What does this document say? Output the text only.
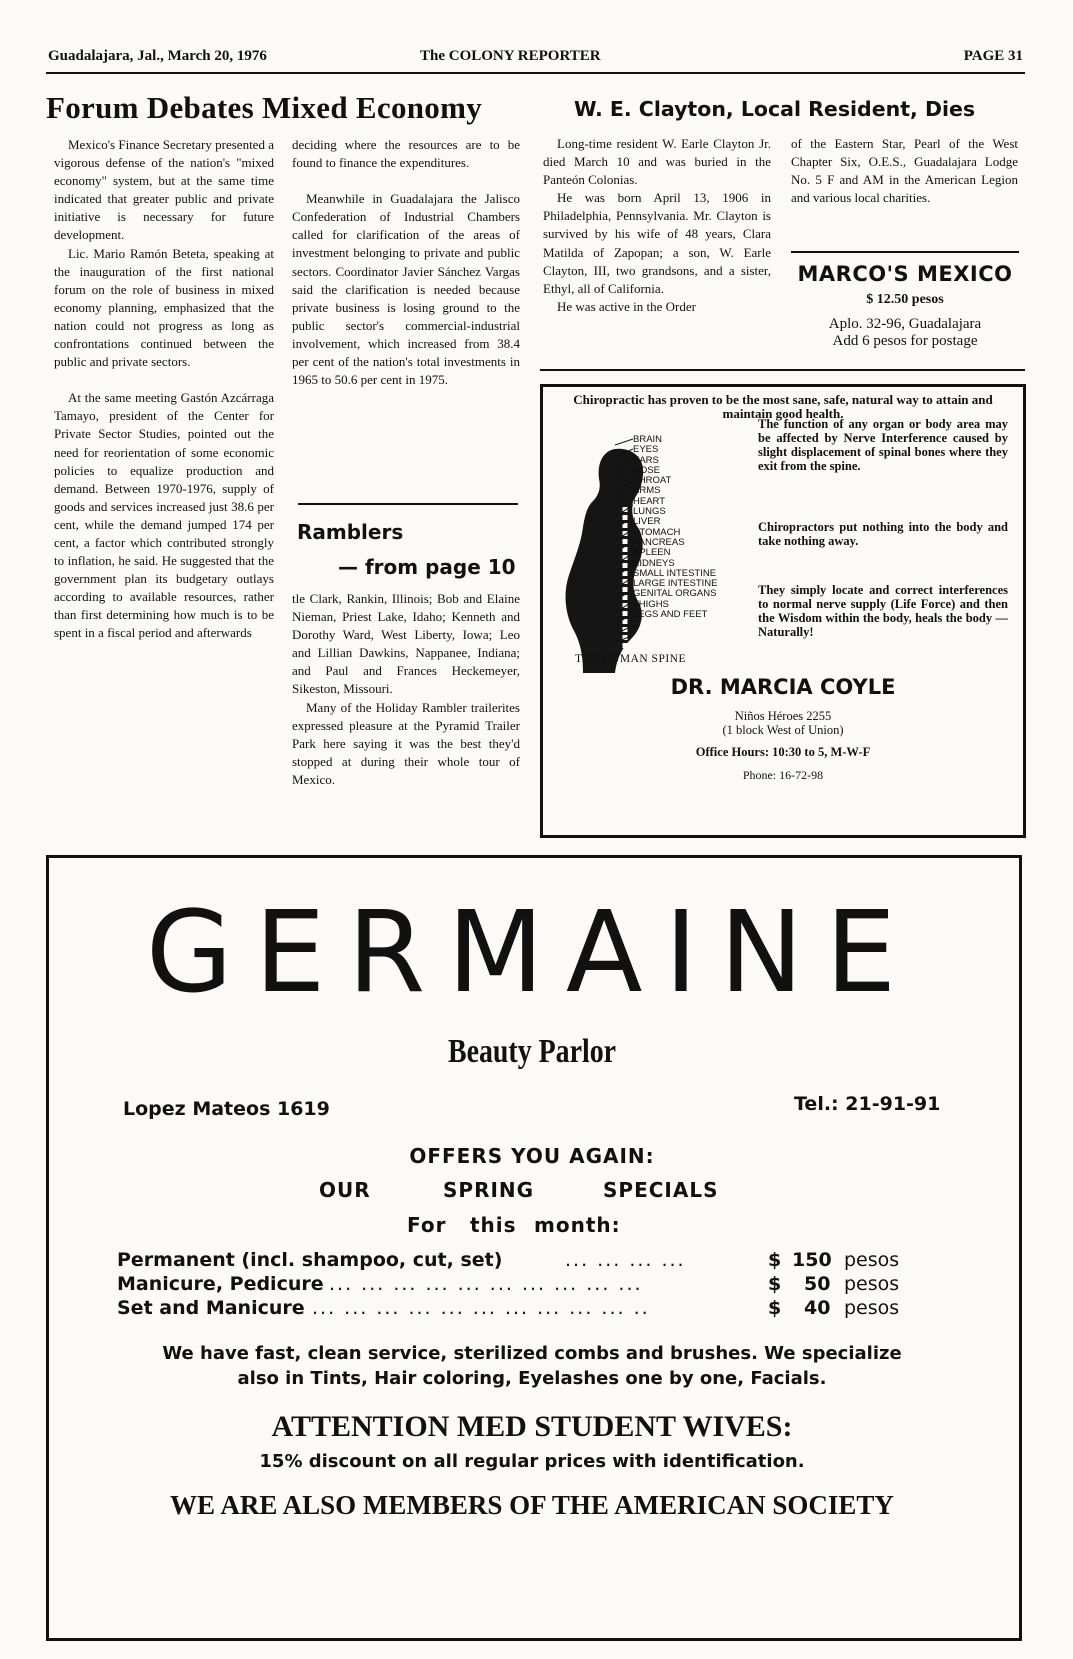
Guadalajara, Jal., March 20, 1976	The COLONY REPORTER	PAGE 31
Forum Debates Mixed Economy

Mexico's Finance Secretary presented a vigorous defense of the nation's "mixed economy" system, but at the same time indicated that greater public and private initiative is necessary for future development.

Lic. Mario Ramón Beteta, speaking at the inauguration of the first national forum on the role of business in mixed economy planning, emphasized that the nation could not progress as long as confrontations continued between the public and private sectors.

At the same meeting Gastón Azcárraga Tamayo, president of the Center for Private Sector Studies, pointed out the need for reorientation of some economic policies to equalize production and demand. Between 1970-1976, supply of goods and services increased just 38.6 per cent, while the demand jumped 174 per cent, a factor which contributed strongly to inflation, he said. He suggested that the government plan its budgetary outlays according to available resources, rather than first determining how much is to be spent in a fiscal period and afterwards

deciding where the resources are to be found to finance the expenditures.

Meanwhile in Guadalajara the Jalisco Confederation of Industrial Chambers called for clarification of the areas of investment belonging to private and public sectors. Coordinator Javier Sánchez Vargas said the clarification is needed because private business is losing ground to the public sector's commercial-industrial involvement, which increased from 38.4 per cent of the nation's total investments in 1965 to 50.6 per cent in 1975.

Ramblers
— from page 10

tle Clark, Rankin, Illinois; Bob and Elaine Nieman, Priest Lake, Idaho; Kenneth and Dorothy Ward, West Liberty, Iowa; Leo and Lillian Dawkins, Nappanee, Indiana; and Paul and Frances Heckemeyer, Sikeston, Missouri.

Many of the Holiday Rambler trailerites expressed pleasure at the Pyramid Trailer Park here saying it was the best they'd stopped at during their whole tour of Mexico.

W. E. Clayton, Local Resident, Dies

Long-time resident W. Earle Clayton Jr. died March 10 and was buried in the Panteón Colonias.

He was born April 13, 1906 in Philadelphia, Pennsylvania. Mr. Clayton is survived by his wife of 48 years, Clara Matilda of Zapopan; a son, W. Earle Clayton, III, two grandsons, and a sister, Ethyl, all of California.

He was active in the Order

of the Eastern Star, Pearl of the West Chapter Six, O.E.S., Guadalajara Lodge No. 5 F and AM in the American Legion and various local charities.

MARCO'S MEXICO
$ 12.50 pesos
Aplo. 32-96, Guadalajara
Add 6 pesos for postage
Chiropractic has proven to be the most sane, safe, natural way to attain and maintain good health.
BRAIN
EYES
EARS
NOSE
THROAT
ARMS
HEART
LUNGS
LIVER
STOMACH
PANCREAS
SPLEEN
KIDNEYS
SMALL INTESTINE
LARGE INTESTINE
GENITAL ORGANS
THIGHS
LEGS AND FEET
THE HUMAN SPINE
The function of any organ or body area may be affected by Nerve Interference caused by slight displacement of spinal bones where they exit from the spine.
Chiropractors put nothing into the body and take nothing away.
They simply locate and correct interferences to normal nerve supply (Life Force) and then the Wisdom within the body, heals the body — Naturally!
DR. MARCIA COYLE
Niños Héroes 2255
(1 block West of Union)
Office Hours: 10:30 to 5, M-W-F
Phone: 16-72-98
GERMAINE
Beauty Parlor
Lopez Mateos 1619	Tel.: 21-91-91
OFFERS YOU AGAIN:
OUR	SPRING	SPECIALS
For this month:
Permanent (incl. shampoo, cut, set)	... ... ... ...	$ 150 pesos
Manicure, Pedicure ... ... ... ... ... ... ... ... ... ...	$ 50 pesos
Set and Manicure ... ... ... ... ... ... ... ... ... ... ..	$ 40 pesos
We have fast, clean service, sterilized combs and brushes. We specialize
also in Tints, Hair coloring, Eyelashes one by one, Facials.
ATTENTION MED STUDENT WIVES:
15% discount on all regular prices with identification.
WE ARE ALSO MEMBERS OF THE AMERICAN SOCIETY
